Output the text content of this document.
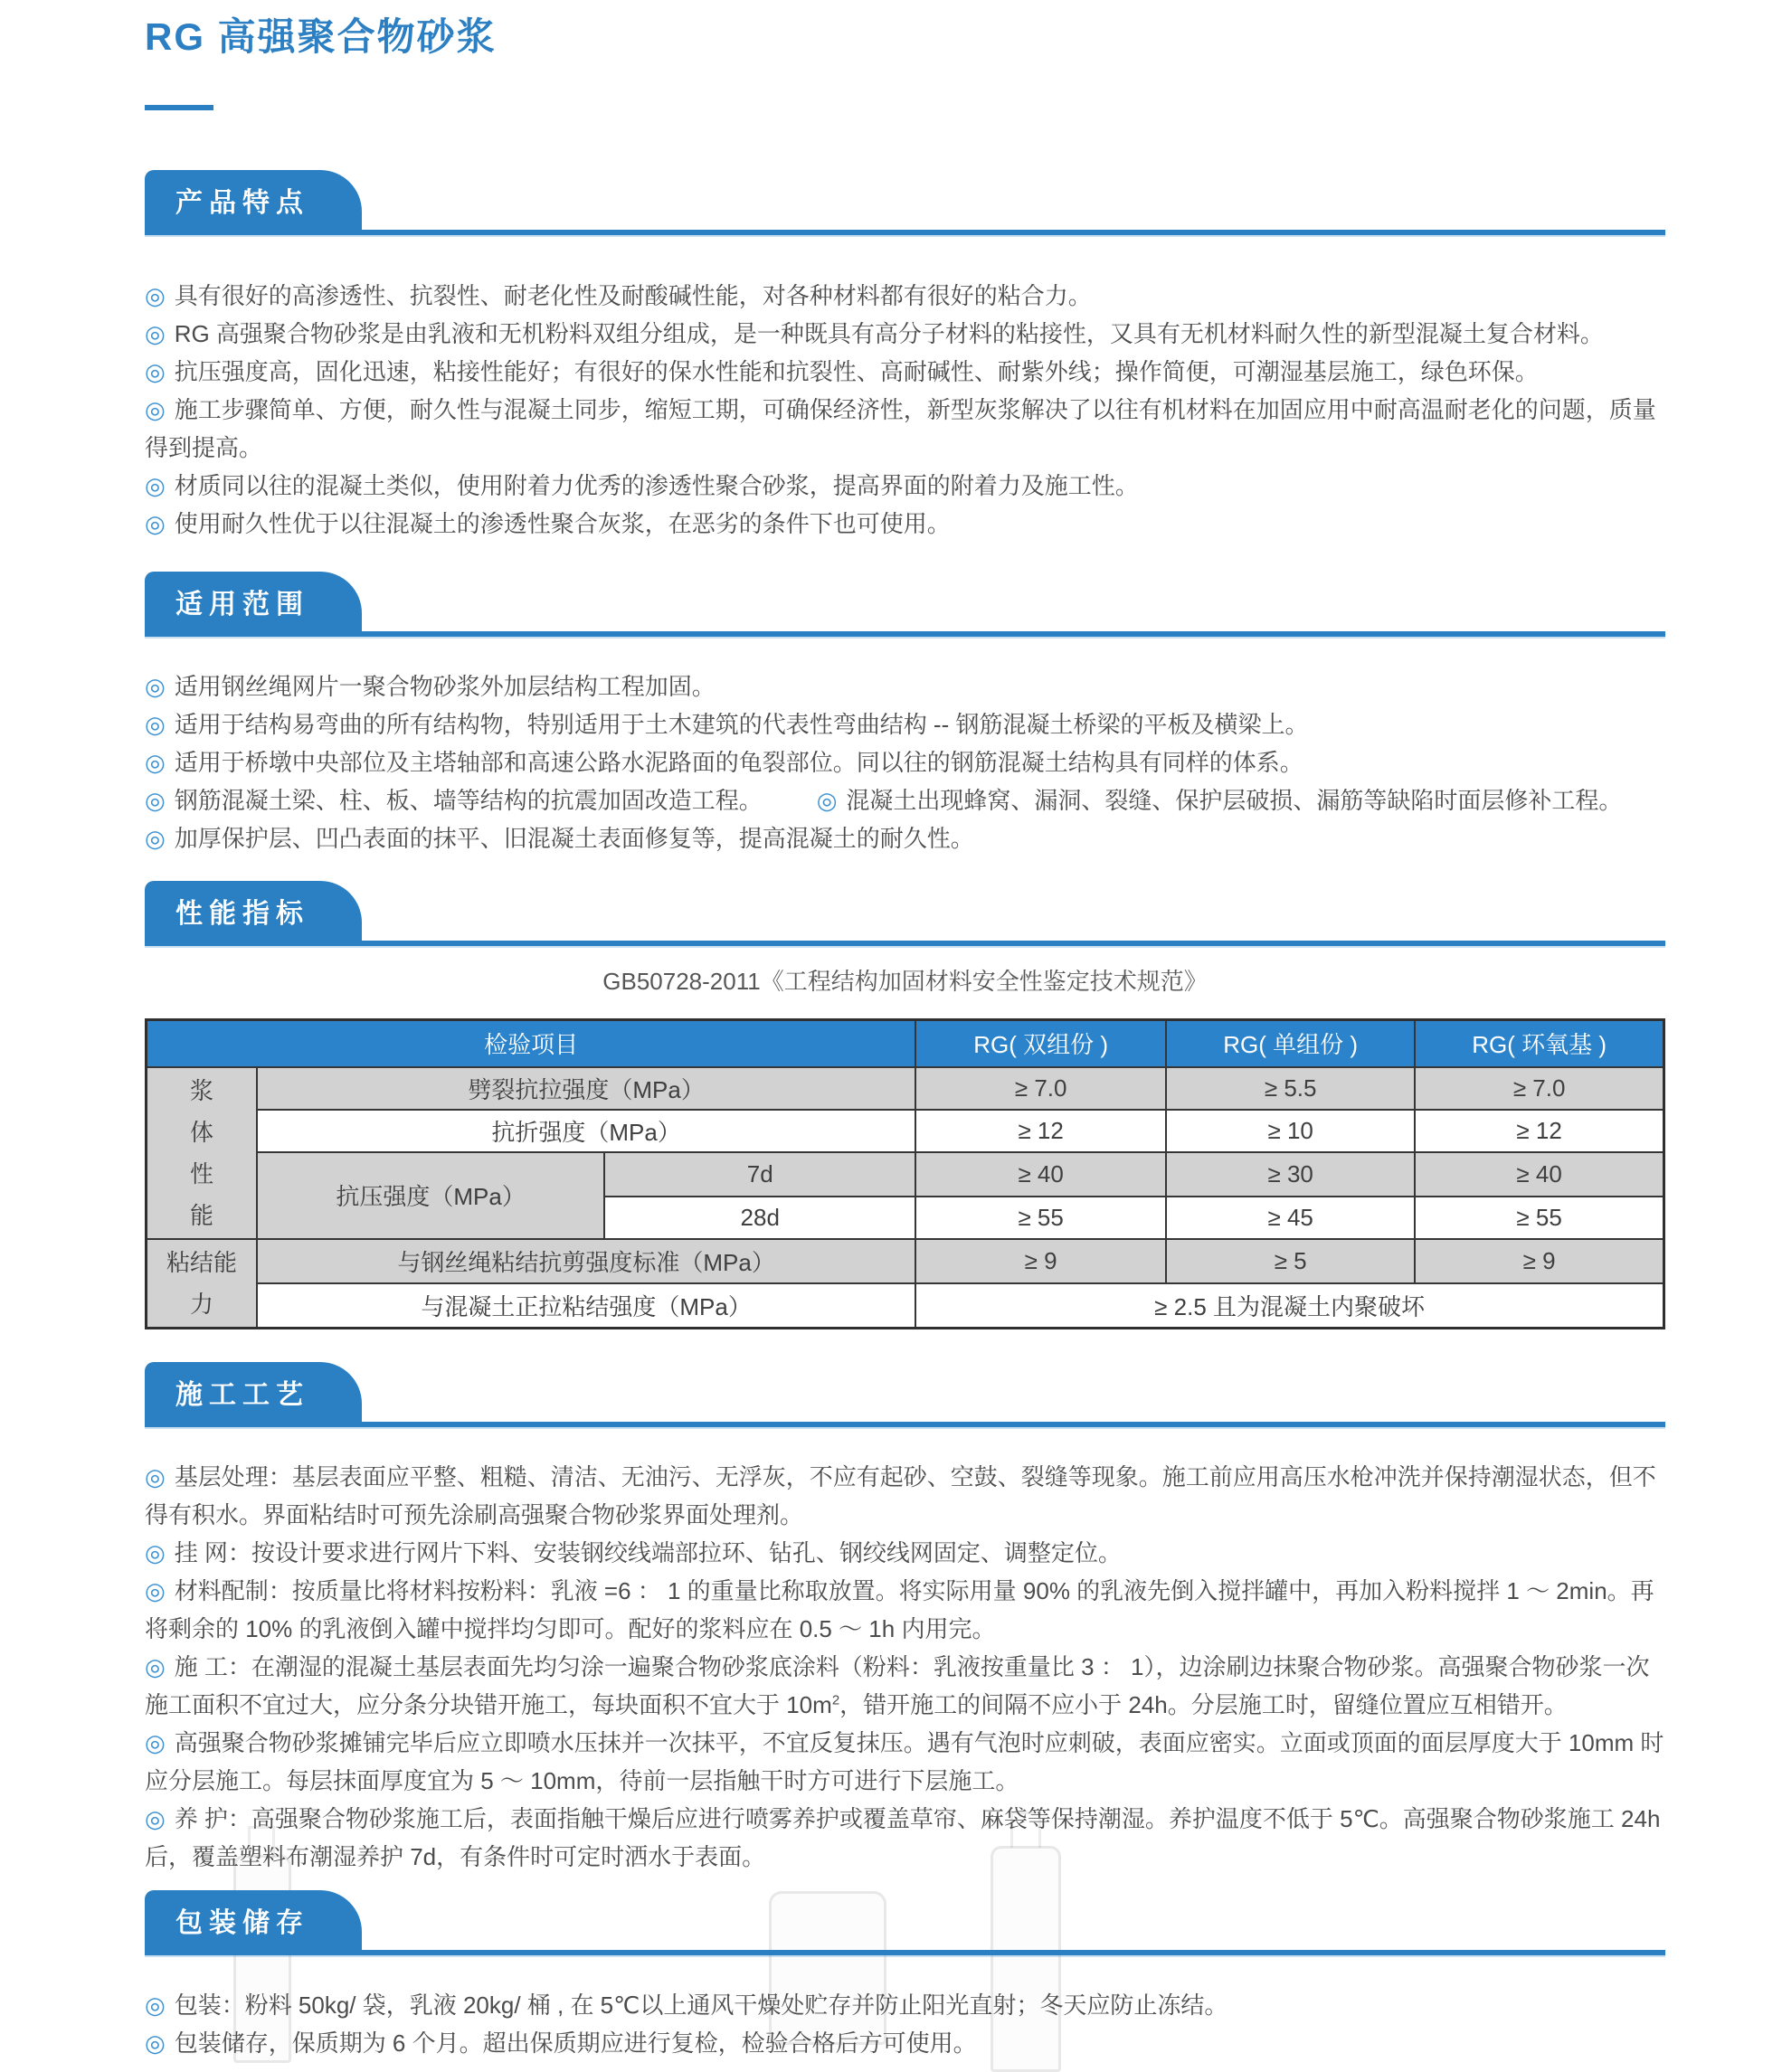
RG 高强聚合物砂浆
产品特点

◎ 具有很好的高渗透性、抗裂性、耐老化性及耐酸碱性能，对各种材料都有很好的粘合力。

◎ RG 高强聚合物砂浆是由乳液和无机粉料双组分组成，是一种既具有高分子材料的粘接性，又具有无机材料耐久性的新型混凝土复合材料。

◎ 抗压强度高，固化迅速，粘接性能好；有很好的保水性能和抗裂性、高耐碱性、耐紫外线；操作简便，可潮湿基层施工，绿色环保。

◎ 施工步骤简单、方便，耐久性与混凝土同步，缩短工期，可确保经济性，新型灰浆解决了以往有机材料在加固应用中耐高温耐老化的问题，质量得到提高。

◎ 材质同以往的混凝土类似，使用附着力优秀的渗透性聚合砂浆，提高界面的附着力及施工性。

◎ 使用耐久性优于以往混凝土的渗透性聚合灰浆，在恶劣的条件下也可使用。

适用范围

◎ 适用钢丝绳网片一聚合物砂浆外加层结构工程加固。

◎ 适用于结构易弯曲的所有结构物，特别适用于土木建筑的代表性弯曲结构 -- 钢筋混凝土桥梁的平板及横梁上。

◎ 适用于桥墩中央部位及主塔轴部和高速公路水泥路面的龟裂部位。同以往的钢筋混凝土结构具有同样的体系。

◎ 钢筋混凝土梁、柱、板、墙等结构的抗震加固改造工程。 ◎ 混凝土出现蜂窝、漏洞、裂缝、保护层破损、漏筋等缺陷时面层修补工程。

◎ 加厚保护层、凹凸表面的抹平、旧混凝土表面修复等，提高混凝土的耐久性。

性能指标
GB50728-2011《工程结构加固材料安全性鉴定技术规范》
检验项目			RG( 双组份 )	RG( 单组份 )	RG( 环氧基 )

浆
体
性
能	劈裂抗拉强度（MPa）		≥ 7.0	≥ 5.5	≥ 7.0
	抗折强度（MPa）		≥ 12	≥ 10	≥ 12
	抗压强度（MPa）	7d	≥ 40	≥ 30	≥ 40
		28d	≥ 55	≥ 45	≥ 55

粘结能
力	与钢丝绳粘结抗剪强度标准（MPa）		≥ 9	≥ 5	≥ 9
	与混凝土正拉粘结强度（MPa）		≥ 2.5 且为混凝土内聚破坏		
施工工艺

◎ 基层处理：基层表面应平整、粗糙、清洁、无油污、无浮灰，不应有起砂、空鼓、裂缝等现象。施工前应用高压水枪冲洗并保持潮湿状态，但不得有积水。界面粘结时可预先涂刷高强聚合物砂浆界面处理剂。

◎ 挂 网：按设计要求进行网片下料、安装钢绞线端部拉环、钻孔、钢绞线网固定、调整定位。

◎ 材料配制：按质量比将材料按粉料：乳液 =6 ： 1 的重量比称取放置。将实际用量 90% 的乳液先倒入搅拌罐中，再加入粉料搅拌 1 ～ 2min。再将剩余的 10% 的乳液倒入罐中搅拌均匀即可。配好的浆料应在 0.5 ～ 1h 内用完。

◎ 施 工：在潮湿的混凝土基层表面先均匀涂一遍聚合物砂浆底涂料（粉料：乳液按重量比 3 ： 1），边涂刷边抹聚合物砂浆。高强聚合物砂浆一次施工面积不宜过大，应分条分块错开施工，每块面积不宜大于 $10m^2$，错开施工的间隔不应小于 24h。分层施工时，留缝位置应互相错开。

◎ 高强聚合物砂浆摊铺完毕后应立即喷水压抹并一次抹平，不宜反复抹压。遇有气泡时应刺破，表面应密实。立面或顶面的面层厚度大于 10mm 时应分层施工。每层抹面厚度宜为 5 ～ 10mm，待前一层指触干时方可进行下层施工。

◎ 养 护：高强聚合物砂浆施工后，表面指触干燥后应进行喷雾养护或覆盖草帘、麻袋等保持潮湿。养护温度不低于 5℃。高强聚合物砂浆施工 24h 后，覆盖塑料布潮湿养护 7d，有条件时可定时洒水于表面。

包装储存

◎ 包装：粉料 50kg/ 袋，乳液 20kg/ 桶 , 在 5℃以上通风干燥处贮存并防止阳光直射；冬天应防止冻结。

◎ 包装储存，保质期为 6 个月。超出保质期应进行复检，检验合格后方可使用。
